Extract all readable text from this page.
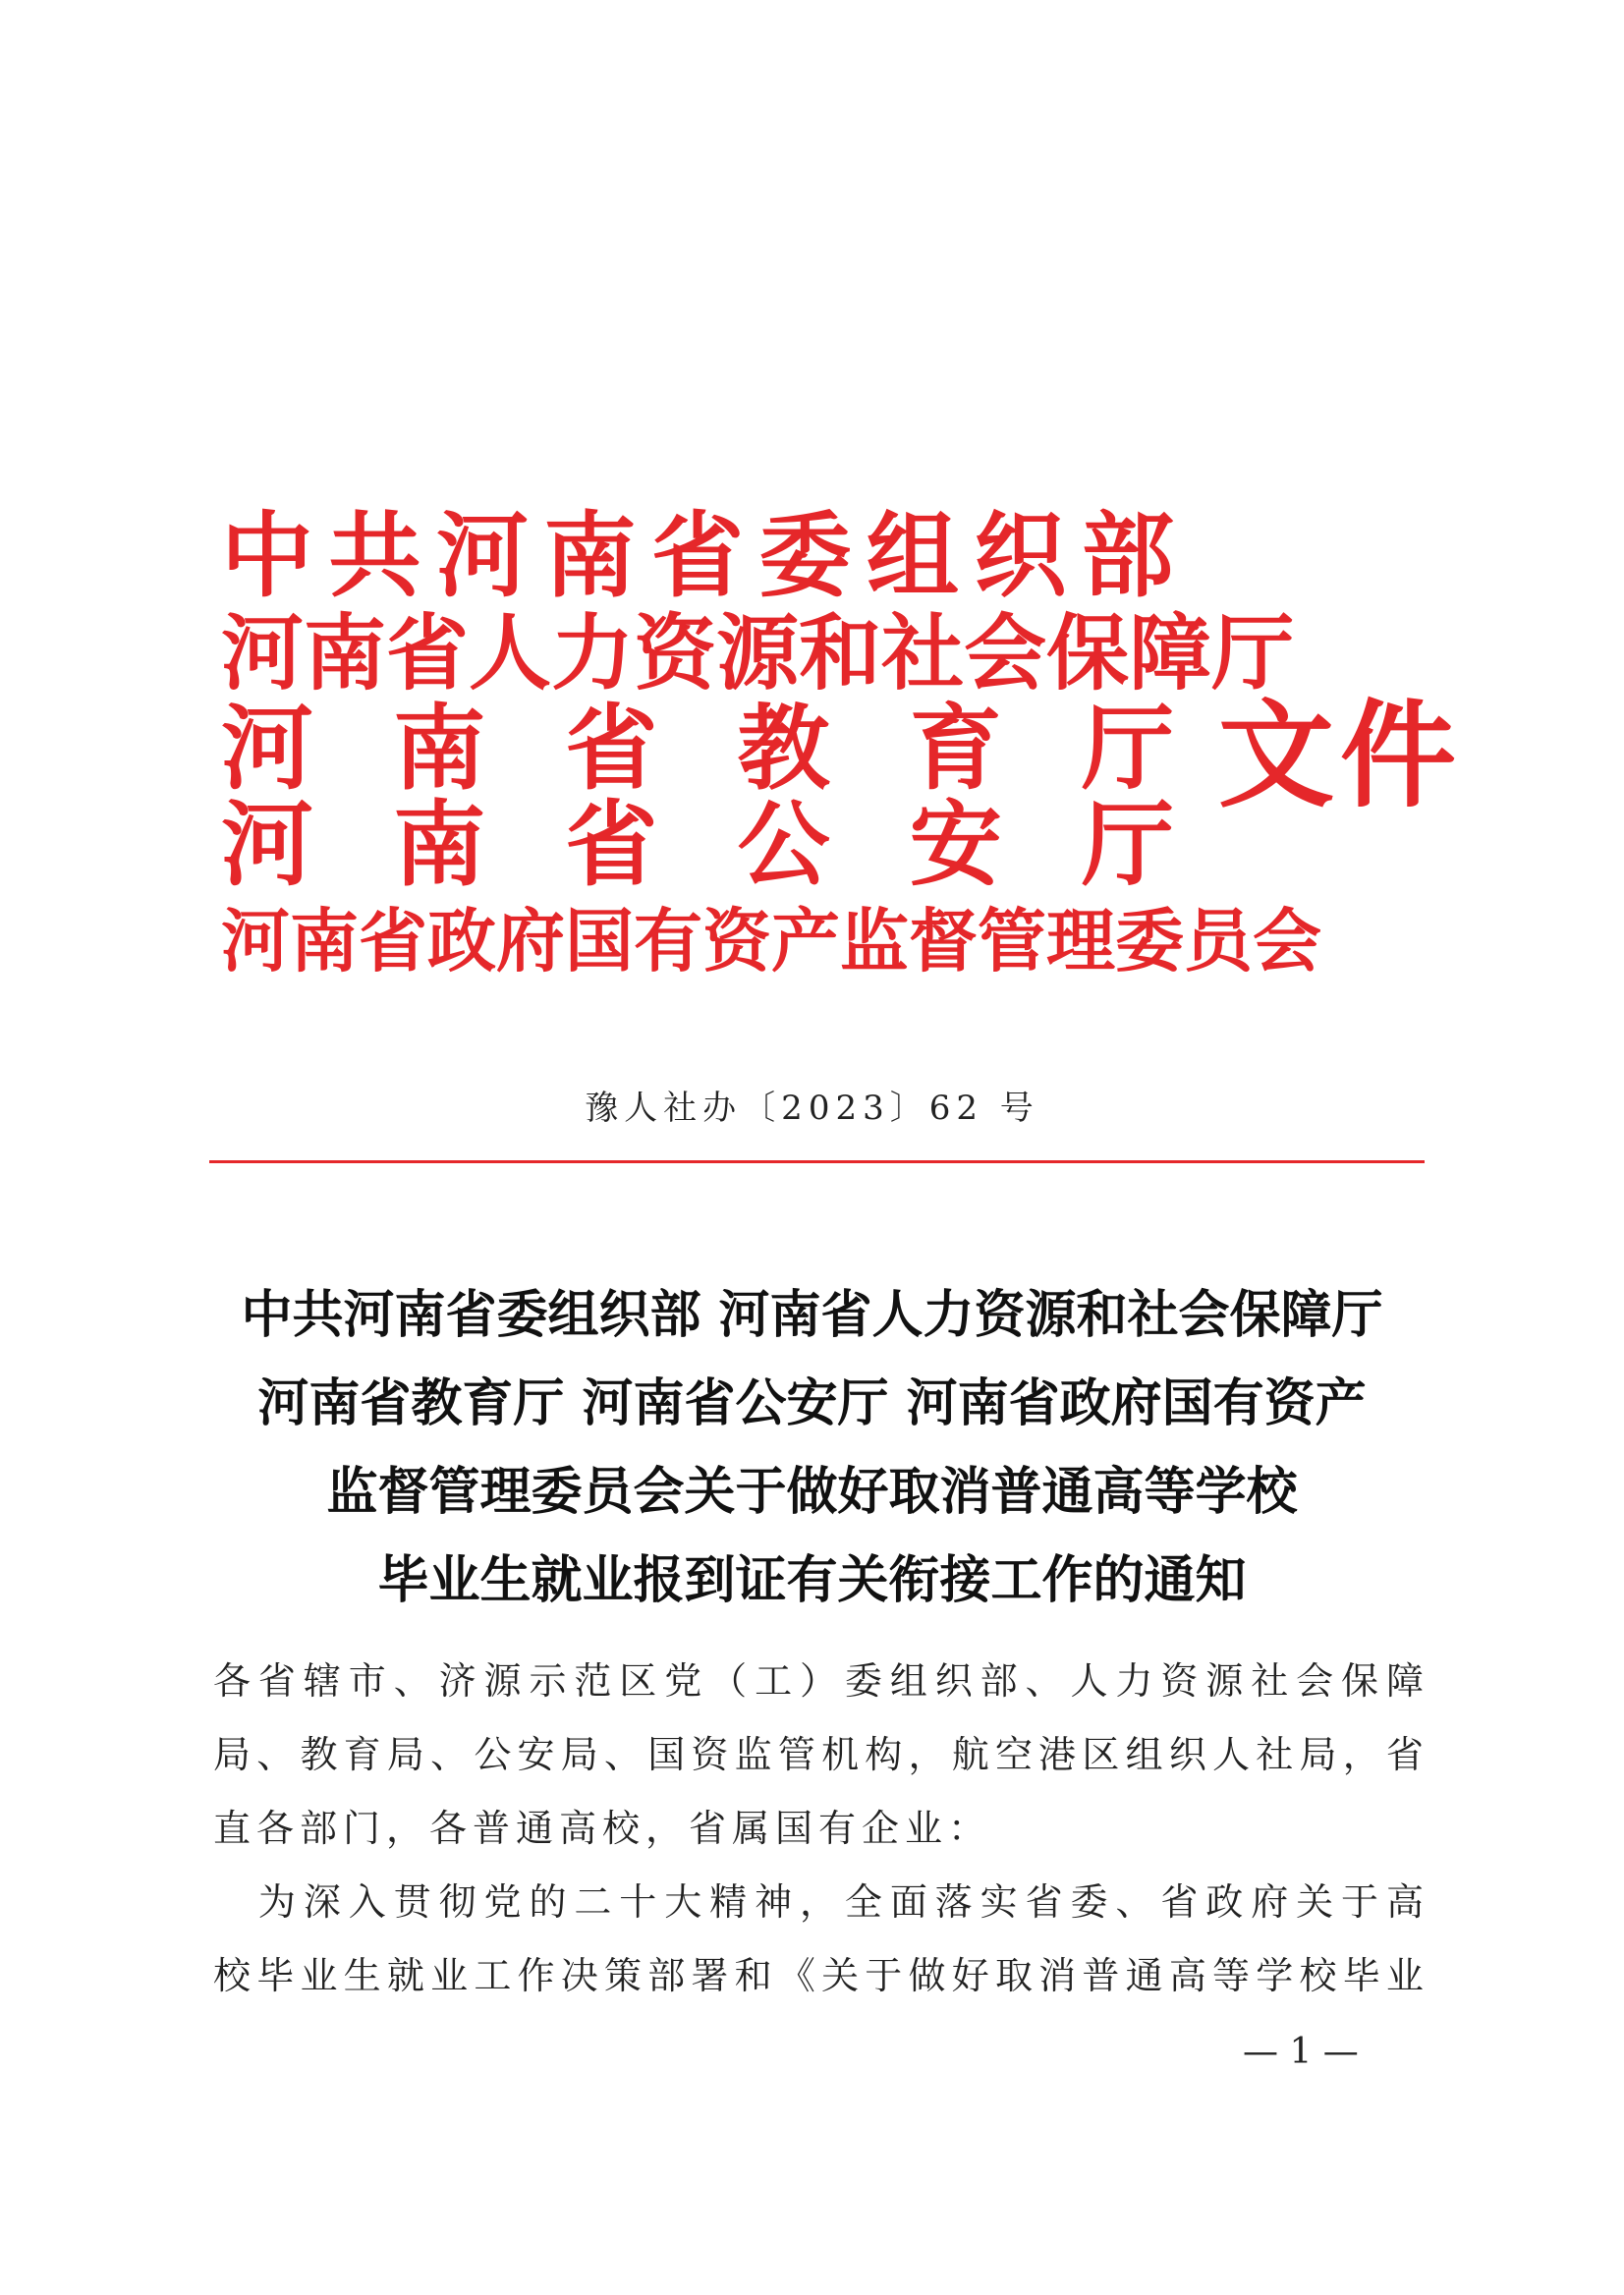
中 共 河 南 省 委 组 织 部
河 南 省 人 力 资 源 和 社 会 保 障 厅
河 南 省 教 育 厅
河 南 省 公 安 厅
河 南 省 政 府 国 有 资 产 监 督 管 理 委 员 会
文件
豫人社办〔2023〕62 号
中共河南省委组织部 河南省人力资源和社会保障厅
河南省教育厅 河南省公安厅 河南省政府国有资产
监督管理委员会关于做好取消普通高等学校
毕业生就业报到证有关衔接工作的通知
各 省 辖 市 、 济 源 示 范 区 党 （ 工 ） 委 组 织 部 、 人 力 资 源 社 会 保 障
局 、 教 育 局 、 公 安 局 、 国 资 监 管 机 构 ， 航 空 港 区 组 织 人 社 局 ， 省
直各部门，各普通高校，省属国有企业：

为 深 入 贯 彻 党 的 二 十 大 精 神 ， 全 面 落 实 省 委 、 省 政 府 关 于 高
校 毕 业 生 就 业 工 作 决 策 部 署 和 《 关 于 做 好 取 消 普 通 高 等 学 校 毕 业
— 1 —
